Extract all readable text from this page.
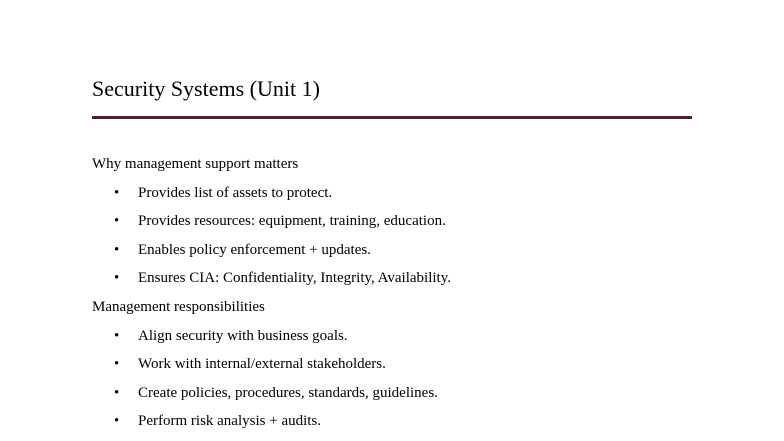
Security Systems (Unit 1)
Why management support matters
• Provides list of assets to protect.
• Provides resources: equipment, training, education.
• Enables policy enforcement + updates.
• Ensures CIA: Confidentiality, Integrity, Availability.
Management responsibilities
• Align security with business goals.
• Work with internal/external stakeholders.
• Create policies, procedures, standards, guidelines.
• Perform risk analysis + audits.
